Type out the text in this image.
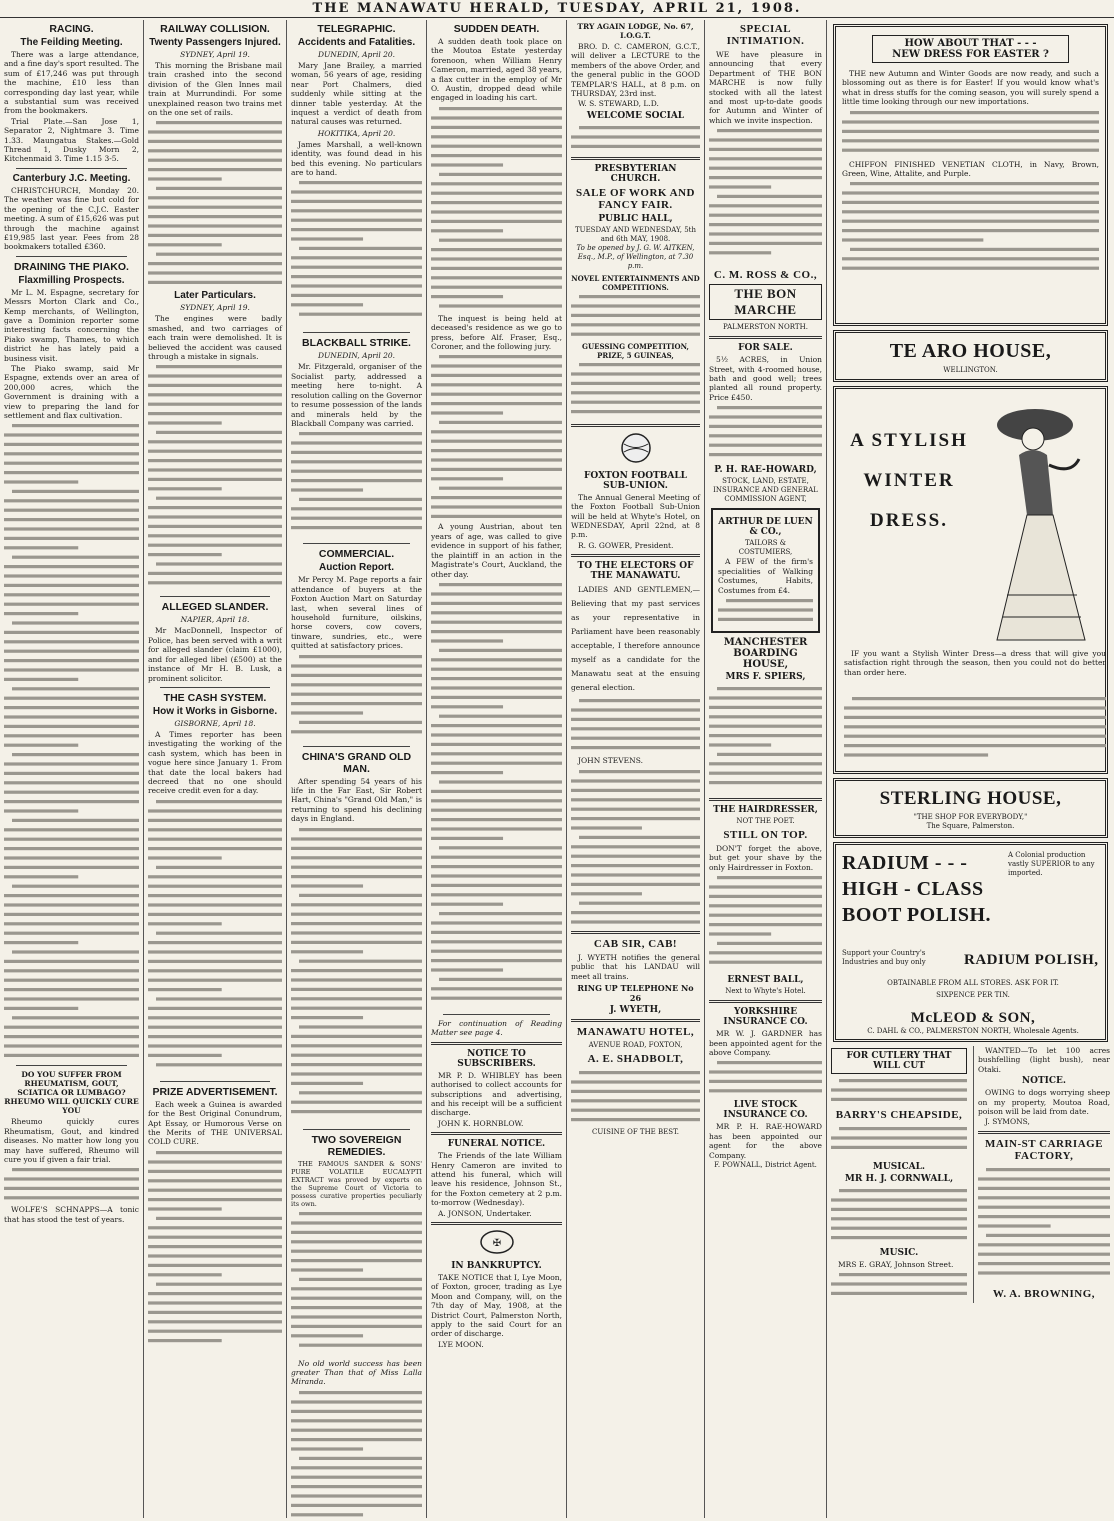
THE MANAWATU HERALD, TUESDAY, APRIL 21, 1908.
RACING.
The Feilding Meeting.

There was a large attendance, and a fine day's sport resulted. The sum of £17,246 was put through the machine, £10 less than corresponding day last year, while a substantial sum was received from the bookmakers.

Trial Plate.—San Jose 1, Separator 2, Nightmare 3. Time 1.33. Maungatua Stakes.—Gold Thread 1, Dusky Morn 2, Kitchenmaid 3. Time 1.15 3-5.

Canterbury J.C. Meeting.

CHRISTCHURCH, Monday 20. The weather was fine but cold for the opening of the C.J.C. Easter meeting. A sum of £15,626 was put through the machine against £19,985 last year. Fees from 28 bookmakers totalled £360.

DRAINING THE PIAKO.
Flaxmilling Prospects.

Mr L. M. Espagne, secretary for Messrs Morton Clark and Co., Kemp merchants, of Wellington, gave a Dominion reporter some interesting facts concerning the Piako swamp, Thames, to which district he has lately paid a business visit.

The Piako swamp, said Mr Espagne, extends over an area of 200,000 acres, which the Government is draining with a view to preparing the land for settlement and flax cultivation.

DO YOU SUFFER FROM RHEUMATISM, GOUT, SCIATICA OR LUMBAGO? RHEUMO WILL QUICKLY CURE YOU

Rheumo quickly cures Rheumatism, Gout, and kindred diseases. No matter how long you may have suffered, Rheumo will cure you if given a fair trial.

WOLFE'S SCHNAPPS—A tonic that has stood the test of years.

RAILWAY COLLISION.
Twenty Passengers Injured.
SYDNEY, April 19.

This morning the Brisbane mail train crashed into the second division of the Glen Innes mail train at Murrundindi. For some unexplained reason two trains met on the one set of rails.

Later Particulars.
SYDNEY, April 19.

The engines were badly smashed, and two carriages of each train were demolished. It is believed the accident was caused through a mistake in signals.

ALLEGED SLANDER.
NAPIER, April 18.

Mr MacDonnell, Inspector of Police, has been served with a writ for alleged slander (claim £1000), and for alleged libel (£500) at the instance of Mr H. B. Lusk, a prominent solicitor.

THE CASH SYSTEM.
How it Works in Gisborne.
GISBORNE, April 18.

A Times reporter has been investigating the working of the cash system, which has been in vogue here since January 1. From that date the local bakers had decreed that no one should receive credit even for a day.

PRIZE ADVERTISEMENT.

Each week a Guinea is awarded for the Best Original Conundrum, Apt Essay, or Humorous Verse on the Merits of THE UNIVERSAL COLD CURE.

TELEGRAPHIC.
Accidents and Fatalities.
DUNEDIN, April 20.

Mary Jane Brailey, a married woman, 56 years of age, residing near Port Chalmers, died suddenly while sitting at the dinner table yesterday. At the inquest a verdict of death from natural causes was returned.

HOKITIKA, April 20.

James Marshall, a well-known identity, was found dead in his bed this evening. No particulars are to hand.

BLACKBALL STRIKE.
DUNEDIN, April 20.

Mr. Fitzgerald, organiser of the Socialist party, addressed a meeting here to-night. A resolution calling on the Governor to resume possession of the lands and minerals held by the Blackball Company was carried.

COMMERCIAL.
Auction Report.

Mr Percy M. Page reports a fair attendance of buyers at the Foxton Auction Mart on Saturday last, when several lines of household furniture, oilskins, horse covers, cow covers, tinware, sundries, etc., were quitted at satisfactory prices.

CHINA'S GRAND OLD MAN.

After spending 54 years of his life in the Far East, Sir Robert Hart, China's "Grand Old Man," is returning to spend his declining days in England.

TWO SOVEREIGN REMEDIES.

THE FAMOUS SANDER & SONS' PURE VOLATILE EUCALYPTI EXTRACT was proved by experts on the Supreme Court of Victoria to possess curative properties peculiarly its own.

No old world success has been greater Than that of Miss Lalla Miranda.

SUDDEN DEATH.

A sudden death took place on the Moutoa Estate yesterday forenoon, when William Henry Cameron, married, aged 38 years, a flax cutter in the employ of Mr O. Austin, dropped dead while engaged in loading his cart.

The inquest is being held at deceased's residence as we go to press, before Alf. Fraser, Esq., Coroner, and the following jury.

A young Austrian, about ten years of age, was called to give evidence in support of his father, the plaintiff in an action in the Magistrate's Court, Auckland, the other day.

For continuation of Reading Matter see page 4.

NOTICE TO SUBSCRIBERS.

MR P. D. WHIBLEY has been authorised to collect accounts for subscriptions and advertising, and his receipt will be a sufficient discharge.

JOHN K. HORNBLOW.

FUNERAL NOTICE.

The Friends of the late William Henry Cameron are invited to attend his funeral, which will leave his residence, Johnson St., for the Foxton cemetery at 2 p.m. to-morrow (Wednesday).

A. JONSON, Undertaker.

✠
IN BANKRUPTCY.

TAKE NOTICE that I, Lye Moon, of Foxton, grocer, trading as Lye Moon and Company, will, on the 7th day of May, 1908, at the District Court, Palmerston North, apply to the said Court for an order of discharge.

LYE MOON.

TRY AGAIN LODGE, No. 67, I.O.G.T.

BRO. D. C. CAMERON, G.C.T., will deliver a LECTURE to the members of the above Order, and the general public in the GOOD TEMPLAR'S HALL, at 8 p.m. on THURSDAY, 23rd inst.

W. S. STEWARD, L.D.

WELCOME SOCIAL
PRESBYTERIAN CHURCH.
SALE OF WORK AND FANCY FAIR.
PUBLIC HALL,
TUESDAY AND WEDNESDAY, 5th and 6th MAY, 1908.
To be opened by J. G. W. AITKEN, Esq., M.P., of Wellington, at 7.30 p.m.
NOVEL ENTERTAINMENTS AND COMPETITIONS.
GUESSING COMPETITION, PRIZE, 5 GUINEAS,
FOXTON FOOTBALL SUB-UNION.

The Annual General Meeting of the Foxton Football Sub-Union will be held at Whyte's Hotel, on WEDNESDAY, April 22nd, at 8 p.m.

R. G. GOWER, President.

TO THE ELECTORS OF THE MANAWATU.

LADIES AND GENTLEMEN,— Believing that my past services as your representative in Parliament have been reasonably acceptable, I therefore announce myself as a candidate for the Manawatu seat at the ensuing general election.

JOHN STEVENS.

CAB SIR, CAB!

J. WYETH notifies the general public that his LANDAU will meet all trains.

RING UP TELEPHONE No 26
J. WYETH,
MANAWATU HOTEL,
AVENUE ROAD, FOXTON,
A. E. SHADBOLT,
CUISINE OF THE BEST.
SPECIAL INTIMATION.

WE have pleasure in announcing that every Department of THE BON MARCHE is now fully stocked with all the latest and most up-to-date goods for Autumn and Winter of which we invite inspection.

C. M. ROSS & CO.,
THE BON MARCHE
PALMERSTON NORTH.
FOR SALE.

5½ ACRES, in Union Street, with 4-roomed house, bath and good well; trees planted all round property. Price £450.

P. H. RAE-HOWARD,
STOCK, LAND, ESTATE, INSURANCE AND GENERAL COMMISSION AGENT,
ARTHUR DE LUEN & CO.,
TAILORS & COSTUMIERS,

A FEW of the firm's specialities of Walking Costumes, Habits, Costumes from £4.

MANCHESTER BOARDING HOUSE,
MRS F. SPIERS,
THE HAIRDRESSER,
NOT THE POET.
STILL ON TOP.

DON'T forget the above, but get your shave by the only Hairdresser in Foxton.

ERNEST BALL,
Next to Whyte's Hotel.
YORKSHIRE INSURANCE CO.

MR W. J. GARDNER has been appointed agent for the above Company.

LIVE STOCK INSURANCE CO.

MR P. H. RAE-HOWARD has been appointed our agent for the above Company.

F. POWNALL, District Agent.
HOW ABOUT THAT - - -
NEW DRESS FOR EASTER ?

THE new Autumn and Winter Goods are now ready, and such a blossoming out as there is for Easter! If you would know what's what in dress stuffs for the coming season, you will surely spend a little time looking through our new importations.

CHIFFON FINISHED VENETIAN CLOTH, in Navy, Brown, Green, Wine, Attalite, and Purple.

TE ARO HOUSE,
WELLINGTON.
A STYLISH
WINTER
DRESS.

IF you want a Stylish Winter Dress—a dress that will give you satisfaction right through the season, then you could not do better than order here.

STERLING HOUSE,
"THE SHOP FOR EVERYBODY,"
The Square, Palmerston.
RADIUM - - -
HIGH - CLASS
BOOT POLISH.
A Colonial production vastly SUPERIOR to any imported.
Support your Country's Industries and buy only	RADIUM POLISH,
OBTAINABLE FROM ALL STORES. ASK FOR IT.
SIXPENCE PER TIN.
McLEOD & SON,
C. DAHL & CO., PALMERSTON NORTH, Wholesale Agents.
FOR CUTLERY THAT WILL CUT
BARRY'S CHEAPSIDE,
MUSICAL.
MR H. J. CORNWALL,
MUSIC.

MRS E. GRAY, Johnson Street.

WANTED—To let 100 acres bushfelling (light bush), near Otaki.

NOTICE.

OWING to dogs worrying sheep on my property, Moutoa Road, poison will be laid from date.

J. SYMONS,

MAIN-ST CARRIAGE FACTORY,
W. A. BROWNING,
